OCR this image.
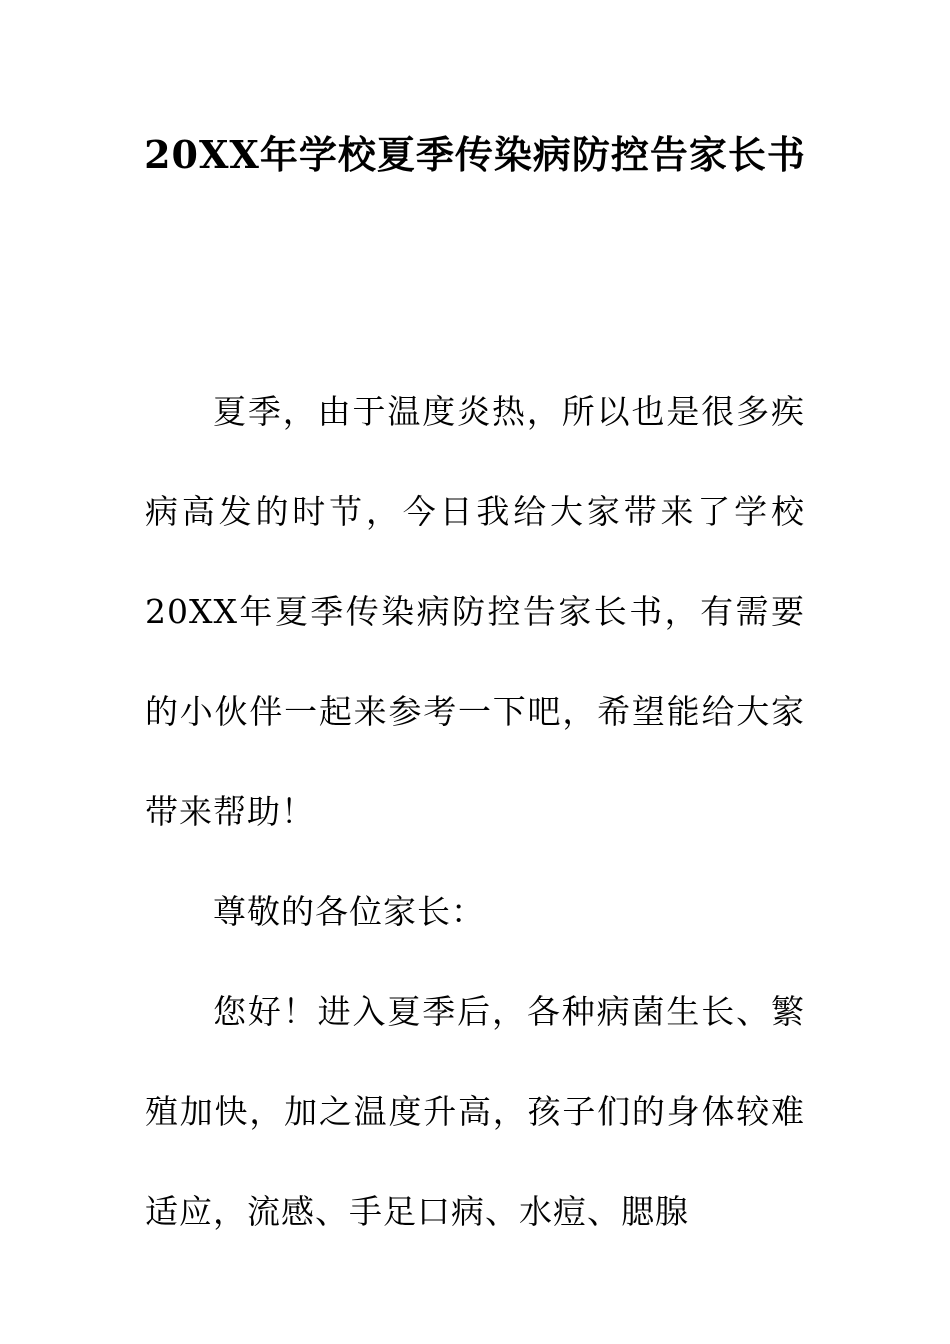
20XX年学校夏季传染病防控告家长书

夏季，由于温度炎热，所以也是很多疾病高发的时节，今日我给大家带来了学校20XX年夏季传染病防控告家长书，有需要的小伙伴一起来参考一下吧，希望能给大家带来帮助！

尊敬的各位家长：

您好！进入夏季后，各种病菌生长、繁殖加快，加之温度升高，孩子们的身体较难适应，流感、手足口病、水痘、腮腺
